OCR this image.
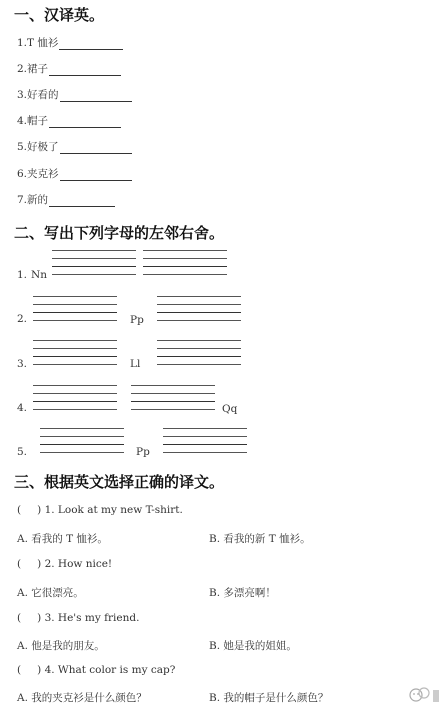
一、汉译英。
1.T 恤衫
2.裙子
3.好看的
4.帽子
5.好极了
6.夹克衫
7.新的
二、写出下列字母的左邻右舍。
1. Nn
2.	Pp
3.	Ll
4.	Qq
5.	Pp
三、根据英文选择正确的译文。
( ) 1. Look at my new T-shirt.
A. 看我的 T 恤衫。	B. 看我的新 T 恤衫。
( ) 2. How nice!
A. 它很漂亮。	B. 多漂亮啊！
( ) 3. He's my friend.
A. 他是我的朋友。	B. 她是我的姐姐。
( ) 4. What color is my cap?
A. 我的夹克衫是什么颜色？	B. 我的帽子是什么颜色？
